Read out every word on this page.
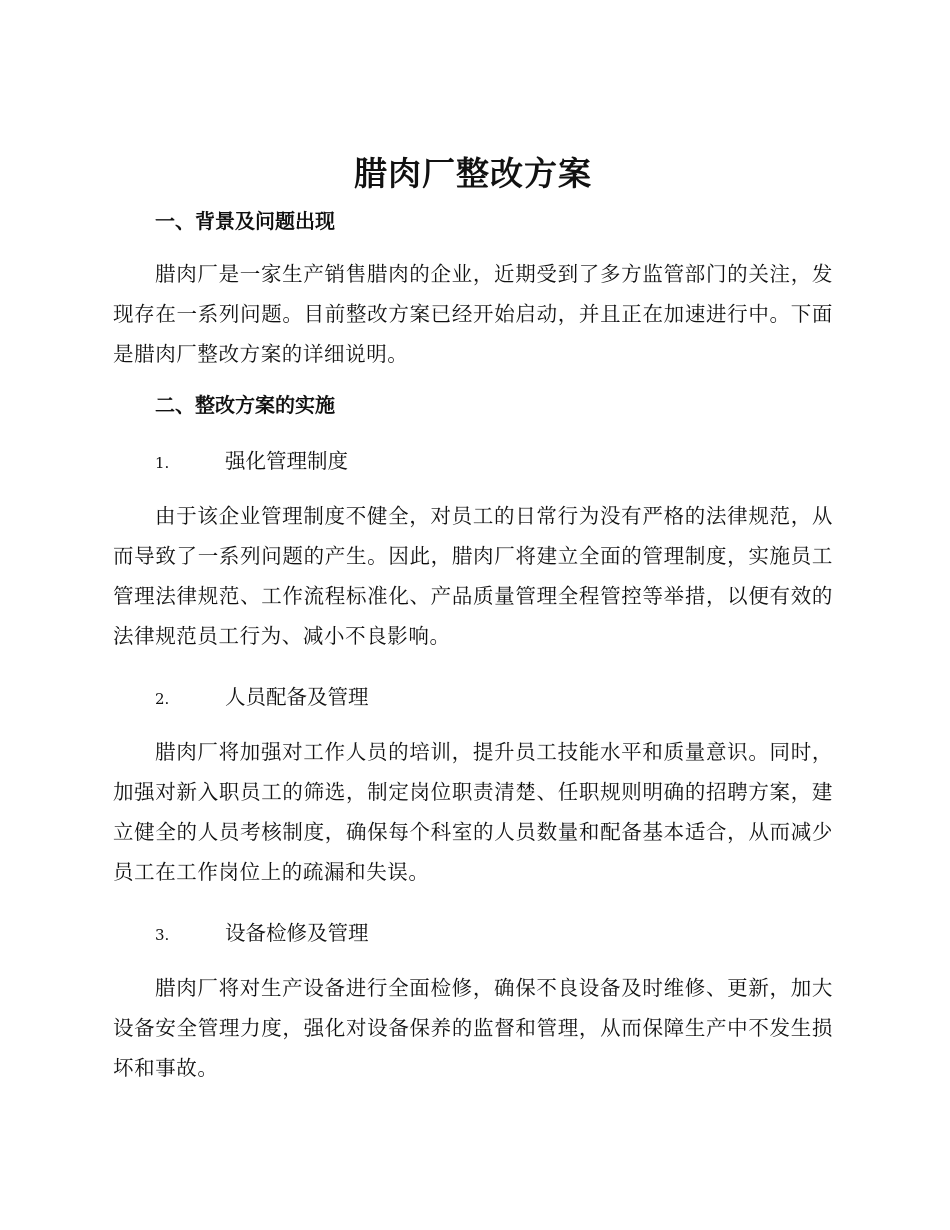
腊肉厂整改方案
一、背景及问题出现

腊肉厂是一家生产销售腊肉的企业，近期受到了多方监管部门的关注，发现存在一系列问题。目前整改方案已经开始启动，并且正在加速进行中。下面是腊肉厂整改方案的详细说明。

二、整改方案的实施

1.	强化管理制度

由于该企业管理制度不健全，对员工的日常行为没有严格的法律规范，从而导致了一系列问题的产生。因此，腊肉厂将建立全面的管理制度，实施员工管理法律规范、工作流程标准化、产品质量管理全程管控等举措，以便有效的法律规范员工行为、减小不良影响。

2.	人员配备及管理

腊肉厂将加强对工作人员的培训，提升员工技能水平和质量意识。同时，加强对新入职员工的筛选，制定岗位职责清楚、任职规则明确的招聘方案，建立健全的人员考核制度，确保每个科室的人员数量和配备基本适合，从而减少员工在工作岗位上的疏漏和失误。

3.	设备检修及管理

腊肉厂将对生产设备进行全面检修，确保不良设备及时维修、更新，加大设备安全管理力度，强化对设备保养的监督和管理，从而保障生产中不发生损坏和事故。
